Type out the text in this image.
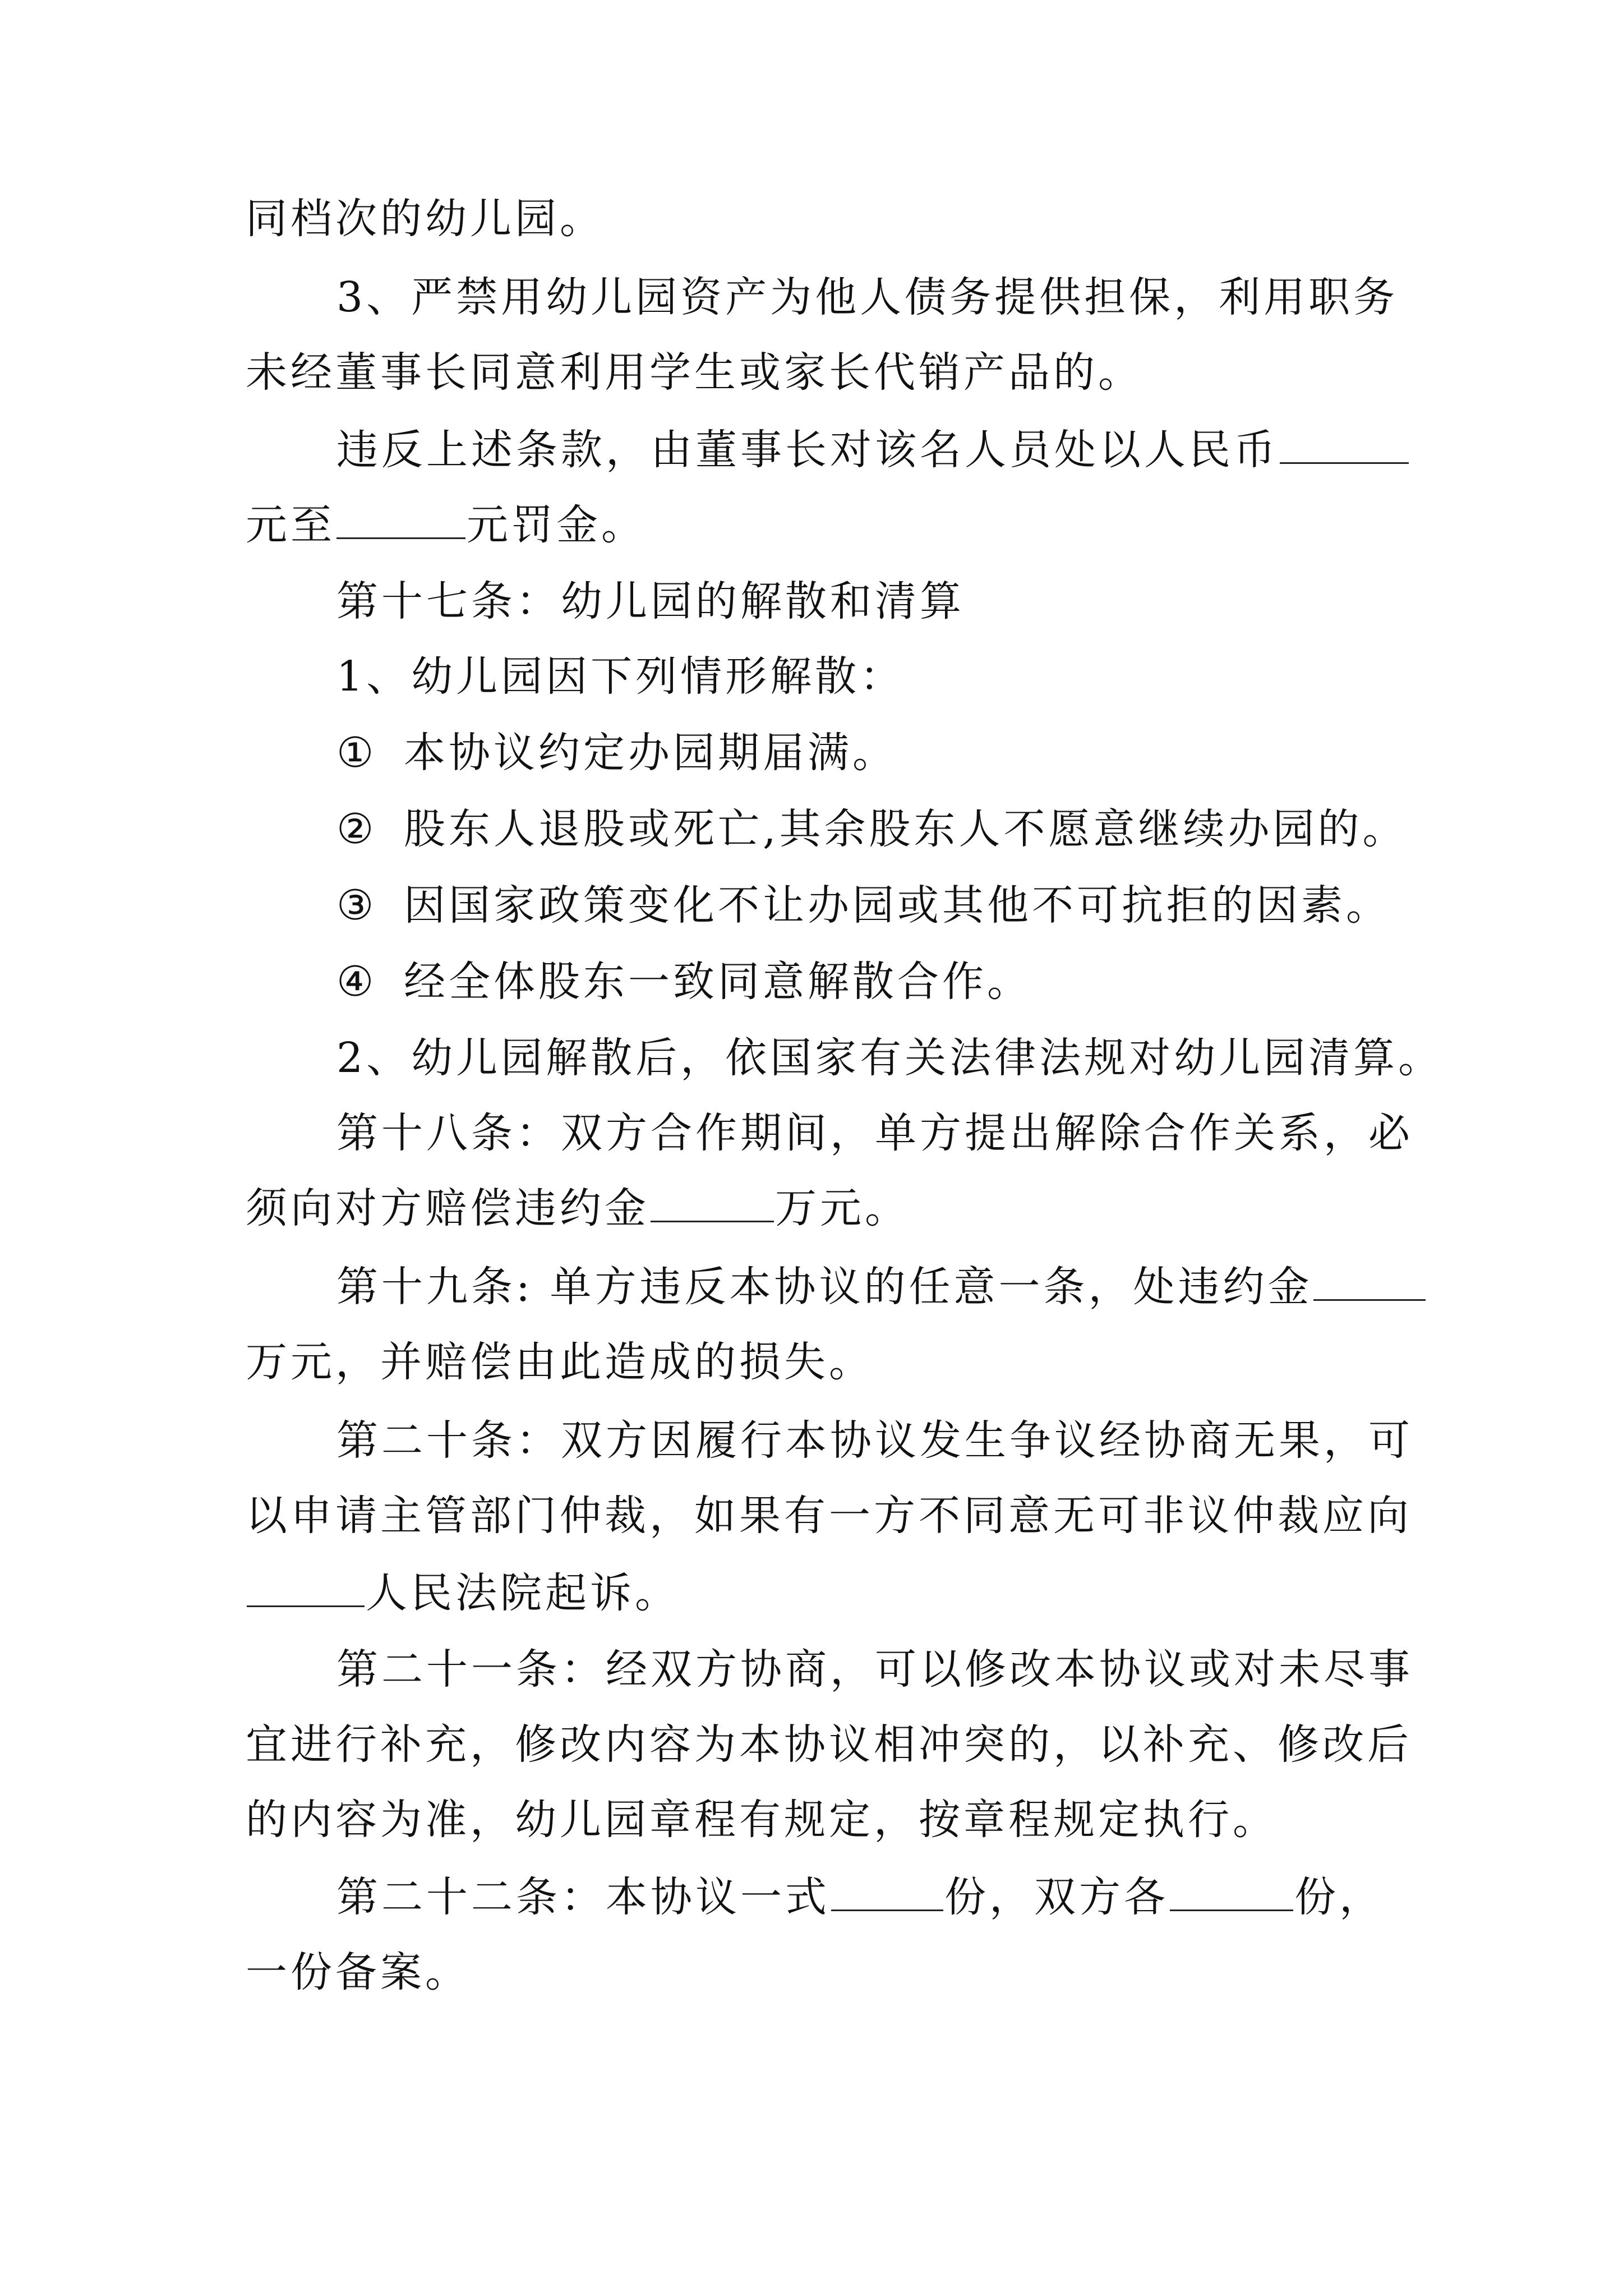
同档次的幼儿园。
3、严禁用幼儿园资产为他人债务提供担保，利用职务
未经董事长同意利用学生或家长代销产品的。
违反上述条款，由董事长对该名人员处以人民币
元至	元罚金。
第十七条：幼儿园的解散和清算
1、幼儿园因下列情形解散：
① 本协议约定办园期届满。
② 股东人退股或死亡,其余股东人不愿意继续办园的。
③ 因国家政策变化不让办园或其他不可抗拒的因素。
④ 经全体股东一致同意解散合作。
2、幼儿园解散后，依国家有关法律法规对幼儿园清算。
第十八条：双方合作期间，单方提出解除合作关系，必
须向对方赔偿违约金	万元。
第十九条: 单方违反本协议的任意一条，处违约金
万元，并赔偿由此造成的损失。
第二十条：双方因履行本协议发生争议经协商无果，可
以申请主管部门仲裁，如果有一方不同意无可非议仲裁应向
人民法院起诉。
第二十一条：经双方协商，可以修改本协议或对未尽事
宜进行补充，修改内容为本协议相冲突的，以补充、修改后
的内容为准，幼儿园章程有规定，按章程规定执行。
第二十二条：本协议一式	份，双方各	份，
一份备案。
